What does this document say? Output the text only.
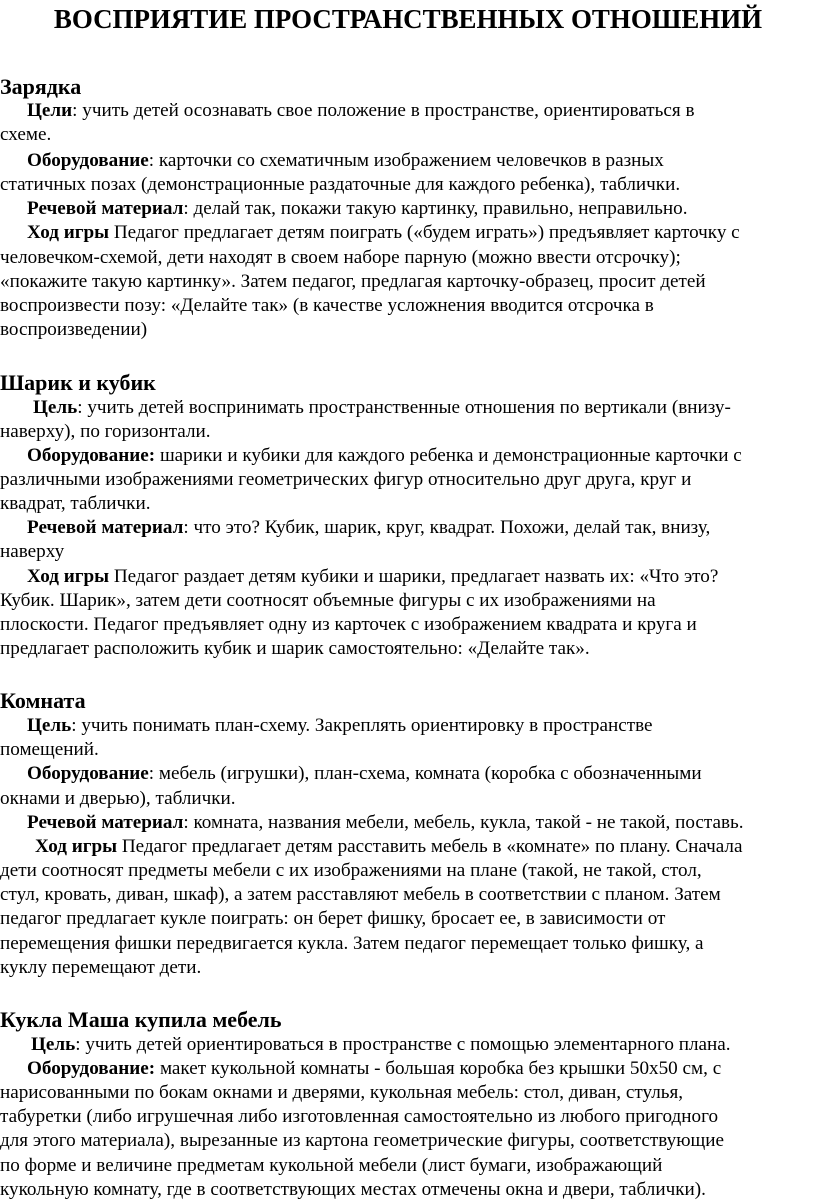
ВОСПРИЯТИЕ ПРОСТРАНСТВЕННЫХ ОТНОШЕНИЙ
Зарядка

Цели: учить детей осознавать свое положение в пространстве, ориентироваться в

схеме.

Оборудование: карточки со схематичным изображением человечков в разных

статичных позах (демонстрационные раздаточные для каждого ребенка), таблички.

Речевой материал: делай так, покажи такую картинку, правильно, неправильно.

Ход игры Педагог предлагает детям поиграть («будем играть») предъявляет карточку с

человечком-схемой, дети находят в своем наборе парную (можно ввести отсрочку);

«покажите такую картинку». Затем педагог, предлагая карточку-образец, просит детей

воспроизвести позу: «Делайте так» (в качестве усложнения вводится отсрочка в

воспроизведении)

Шарик и кубик

Цель: учить детей воспринимать пространственные отношения по вертикали (внизу-

наверху), по горизонтали.

Оборудование: шарики и кубики для каждого ребенка и демонстрационные карточки с

различными изображениями геометрических фигур относительно друг друга, круг и

квадрат, таблички.

Речевой материал: что это? Кубик, шарик, круг, квадрат. Похожи, делай так, внизу,

наверху

Ход игры Педагог раздает детям кубики и шарики, предлагает назвать их: «Что это?

Кубик. Шарик», затем дети соотносят объемные фигуры с их изображениями на

плоскости. Педагог предъявляет одну из карточек с изображением квадрата и круга и

предлагает расположить кубик и шарик самостоятельно: «Делайте так».

Комната

Цель: учить понимать план-схему. Закреплять ориентировку в пространстве

помещений.

Оборудование: мебель (игрушки), план-схема, комната (коробка с обозначенными

окнами и дверью), таблички.

Речевой материал: комната, названия мебели, мебель, кукла, такой - не такой, поставь.

Ход игры Педагог предлагает детям расставить мебель в «комнате» по плану. Сначала

дети соотносят предметы мебели с их изображениями на плане (такой, не такой, стол,

стул, кровать, диван, шкаф), а затем расставляют мебель в соответствии с планом. Затем

педагог предлагает кукле поиграть: он берет фишку, бросает ее, в зависимости от

перемещения фишки передвигается кукла. Затем педагог перемещает только фишку, а

куклу перемещают дети.

Кукла Маша купила мебель

Цель: учить детей ориентироваться в пространстве с помощью элементарного плана.

Оборудование: макет кукольной комнаты - большая коробка без крышки 50х50 см, с

нарисованными по бокам окнами и дверями, кукольная мебель: стол, диван, стулья,

табуретки (либо игрушечная либо изготовленная самостоятельно из любого пригодного

для этого материала), вырезанные из картона геометрические фигуры, соответствующие

по форме и величине предметам кукольной мебели (лист бумаги, изображающий

кукольную комнату, где в соответствующих местах отмечены окна и двери, таблички).
